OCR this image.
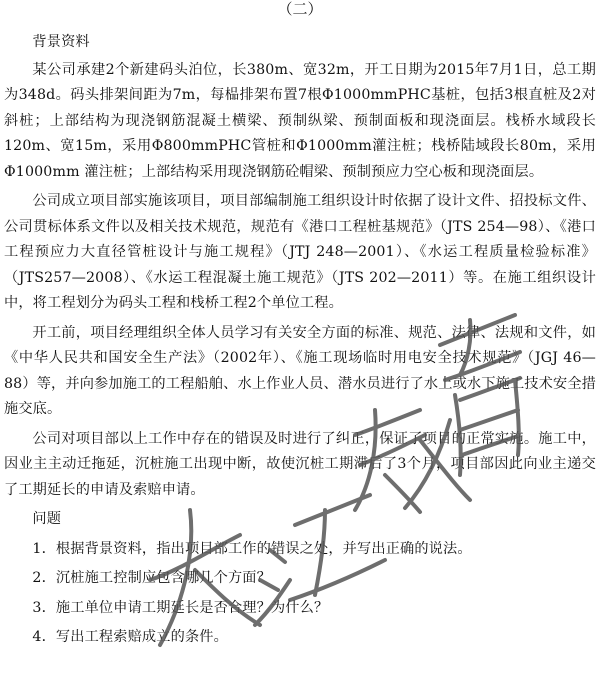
（二）
背景资料

某公司承建2个新建码头泊位，长380m、宽32m，开工日期为2015年7月1日，总工期为348d。码头排架间距为7m，每榀排架布置7根Φ1000mmPHC基桩，包括3根直桩及2对斜桩；上部结构为现浇钢筋混凝土横梁、预制纵梁、预制面板和现浇面层。栈桥水域段长120m、宽15m，采用Φ800mmPHC管桩和Φ1000mm灌注桩；栈桥陆域段长80m，采用Φ1000mm 灌注桩；上部结构采用现浇钢筋砼帽梁、预制预应力空心板和现浇面层。

公司成立项目部实施该项目，项目部编制施工组织设计时依据了设计文件、招投标文件、公司贯标体系文件以及相关技术规范，规范有《港口工程桩基规范》（JTS 254—98）、《港口工程预应力大直径管桩设计与施工规程》（JTJ 248—2001）、《水运工程质量检验标准》（JTS257—2008）、《水运工程混凝土施工规范》（JTS 202—2011）等。在施工组织设计中，将工程划分为码头工程和栈桥工程2个单位工程。

开工前，项目经理组织全体人员学习有关安全方面的标准、规范、法律、法规和文件，如《中华人民共和国安全生产法》（2002年）、《施工现场临时用电安全技术规范》（JGJ 46—88）等，并向参加施工的工程船舶、水上作业人员、潜水员进行了水上或水下施工技术安全措施交底。

公司对项目部以上工作中存在的错误及时进行了纠正，保证了项目的正常实施。施工中，因业主主动迁拖延，沉桩施工出现中断，故使沉桩工期滞后了3个月，项目部因此向业主递交了工期延长的申请及索赔申请。

问题

1．根据背景资料，指出项目部工作的错误之处，并写出正确的说法。
2．沉桩施工控制应包含哪几个方面？
3．施工单位申请工期延长是否合理？为什么？
4．写出工程索赔成立的条件。
